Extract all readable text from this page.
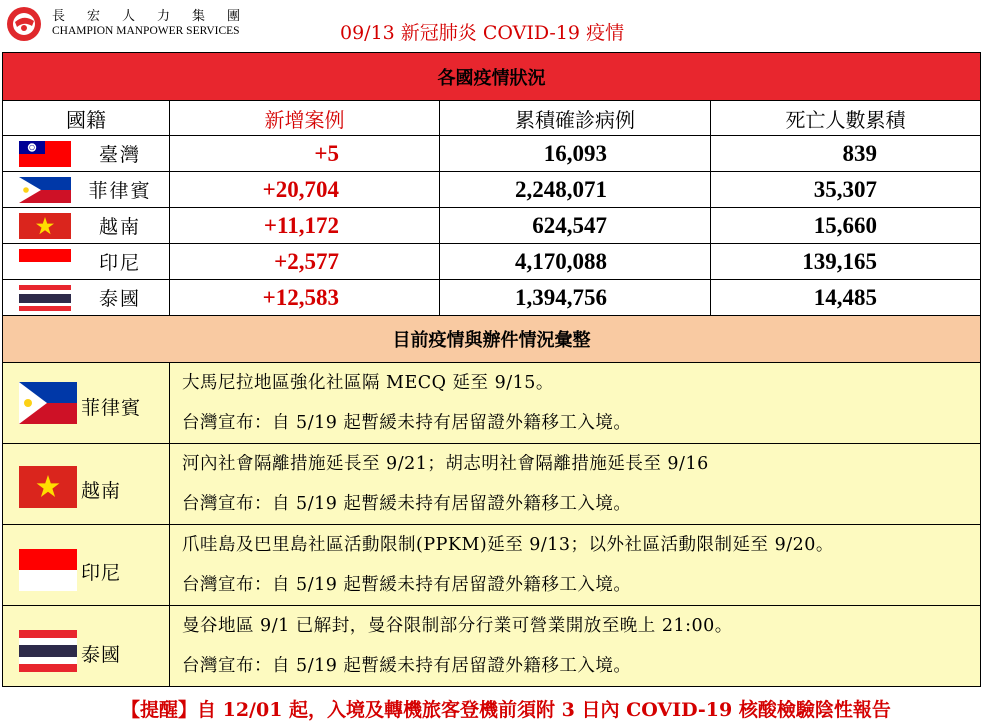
長宏人力集團
CHAMPION MANPOWER SERVICES	09/13 新冠肺炎 COVID-19 疫情
各國疫情狀況			
國籍	新增案例	累積確診病例	死亡人數累積

臺灣	+5	16,093	839

菲律賓	+20,704	2,248,071	35,307

越南	+11,172	624,547	15,660

印尼	+2,577	4,170,088	139,165

泰國	+12,583	1,394,756	14,485
目前疫情與辦件情況彙整			

菲律賓	大馬尼拉地區強化社區隔 MECQ 延至 9/15。
台灣宣布：自 5/19 起暫緩未持有居留證外籍移工入境。		

越南	河內社會隔離措施延長至 9/21；胡志明社會隔離措施延長至 9/16
台灣宣布：自 5/19 起暫緩未持有居留證外籍移工入境。		

印尼	爪哇島及巴里島社區活動限制(PPKM)延至 9/13；以外社區活動限制延至 9/20。
台灣宣布：自 5/19 起暫緩未持有居留證外籍移工入境。		

泰國	曼谷地區 9/1 已解封，曼谷限制部分行業可營業開放至晚上 21:00。
台灣宣布：自 5/19 起暫緩未持有居留證外籍移工入境。		
【提醒】自 12/01 起，入境及轉機旅客登機前須附 3 日內 COVID-19 核酸檢驗陰性報告
